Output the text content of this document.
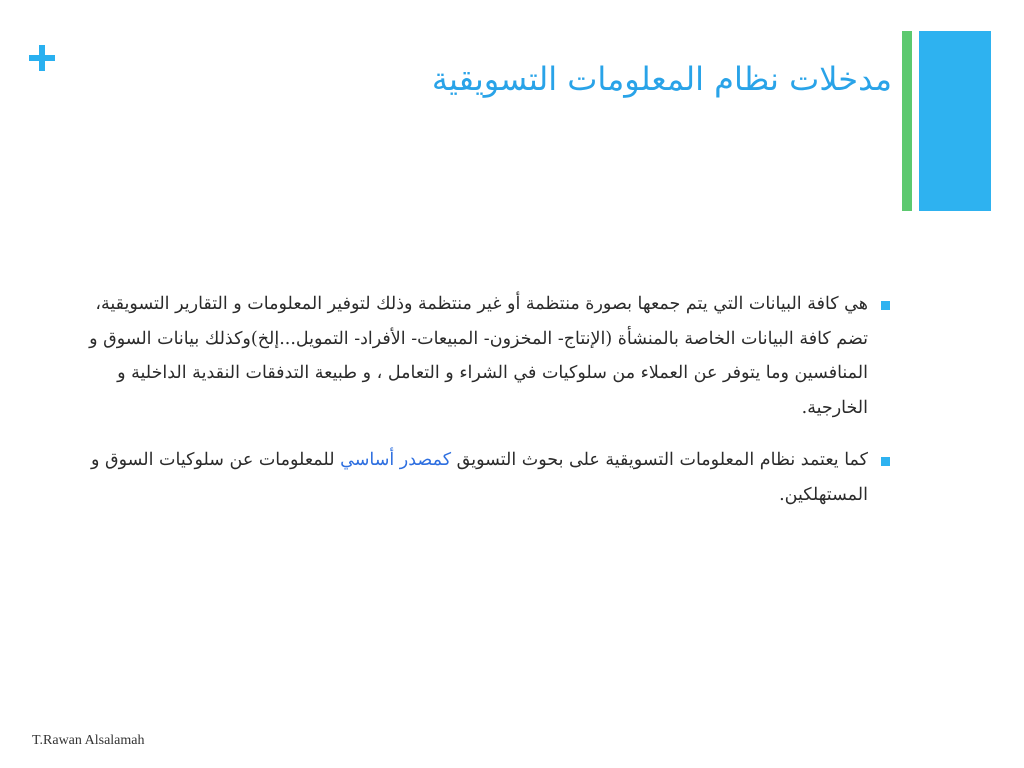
مدخلات نظام المعلومات التسويقية
هي كافة البيانات التي يتم جمعها بصورة منتظمة أو غير منتظمة وذلك لتوفير المعلومات و التقارير التسويقية، تضم كافة البيانات الخاصة بالمنشأة (الإنتاج- المخزون- المبيعات- الأفراد- التمويل...إلخ)وكذلك بيانات السوق و المنافسين وما يتوفر عن العملاء من سلوكيات في الشراء و التعامل ، و طبيعة التدفقات النقدية الداخلية و الخارجية.
كما يعتمد نظام المعلومات التسويقية على بحوث التسويق كمصدر أساسي للمعلومات عن سلوكيات السوق و المستهلكين.
T.Rawan Alsalamah
